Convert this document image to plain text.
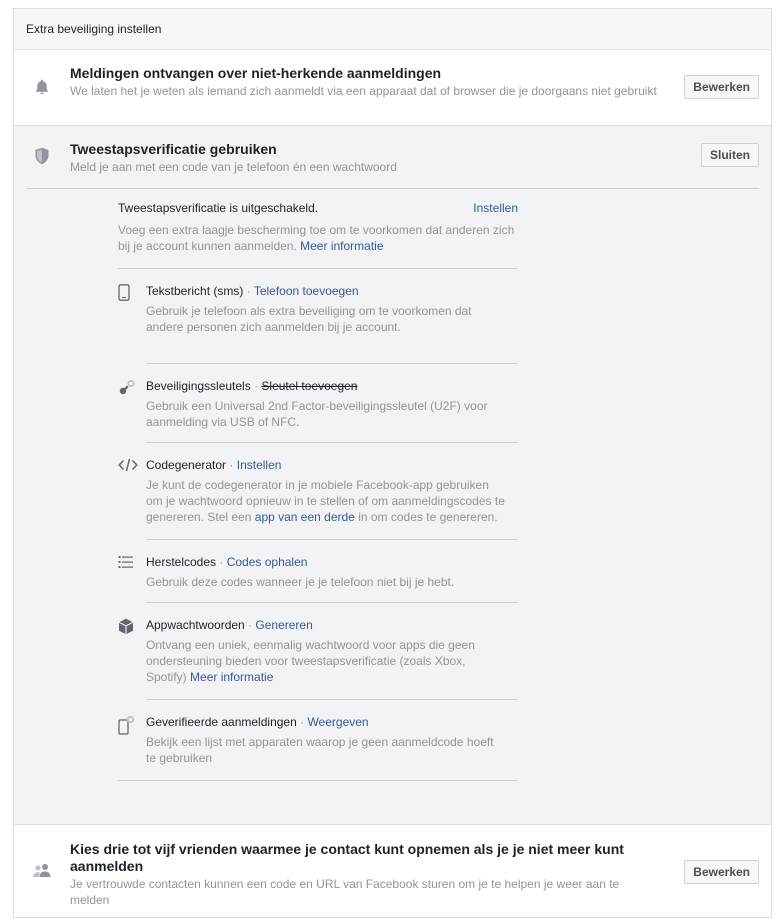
Extra beveiliging instellen
Meldingen ontvangen over niet-herkende aanmeldingen
We laten het je weten als iemand zich aanmeldt via een apparaat dat of browser die je doorgaans niet gebruikt	Bewerken
Tweestapsverificatie gebruiken
Meld je aan met een code van je telefoon én een wachtwoord
Sluiten
Tweestapsverificatie is uitgeschakeld.	Instellen
Voeg een extra laagje bescherming toe om te voorkomen dat anderen zich bij je account kunnen aanmelden. Meer informatie
Tekstbericht (sms) · Telefoon toevoegen
Gebruik je telefoon als extra beveiliging om te voorkomen dat andere personen zich aanmelden bij je account.
Beveiligingssleutels · Sleutel toevoegen
Gebruik een Universal 2nd Factor-beveiligingssleutel (U2F) voor aanmelding via USB of NFC.
Codegenerator · Instellen
Je kunt de codegenerator in je mobiele Facebook-app gebruiken om je wachtwoord opnieuw in te stellen of om aanmeldingscodes te genereren. Stel een app van een derde in om codes te genereren.
Herstelcodes · Codes ophalen
Gebruik deze codes wanneer je je telefoon niet bij je hebt.
Appwachtwoorden · Genereren
Ontvang een uniek, eenmalig wachtwoord voor apps die geen ondersteuning bieden voor tweestapsverificatie (zoals Xbox, Spotify) Meer informatie
Geverifieerde aanmeldingen · Weergeven
Bekijk een lijst met apparaten waarop je geen aanmeldcode hoeft te gebruiken
Kies drie tot vijf vrienden waarmee je contact kunt opnemen als je je niet meer kunt aanmelden
Je vertrouwde contacten kunnen een code en URL van Facebook sturen om je te helpen je weer aan te melden
Bewerken
